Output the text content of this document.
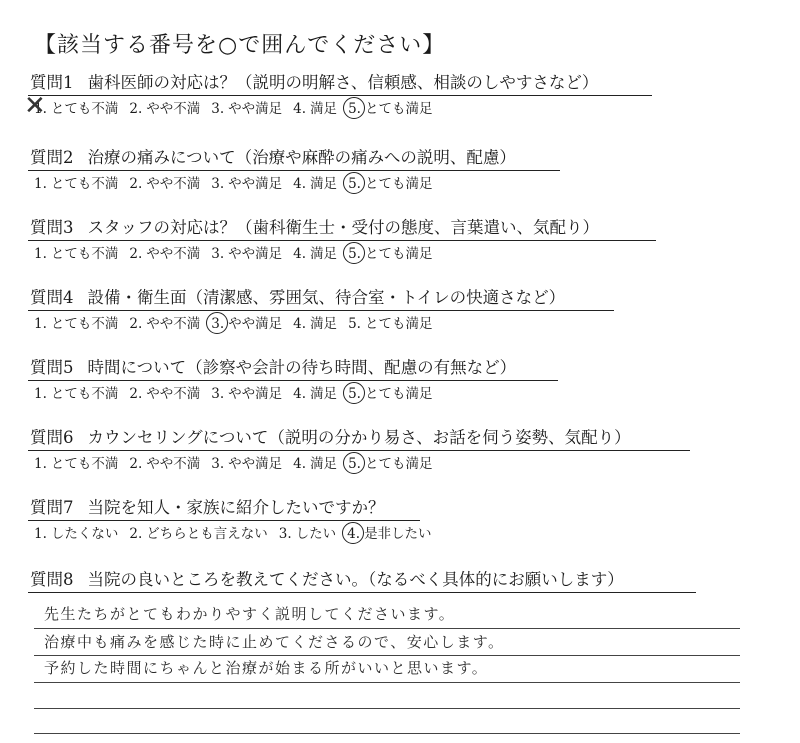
【該当する番号を○で囲んでください】
質問1 歯科医師の対応は？（説明の明解さ、信頼感、相談のしやすさなど）
1. ✕ とても不満 2. やや不満 3. やや満足 4. 満足 5. とても満足
質問2 治療の痛みについて（治療や麻酔の痛みへの説明、配慮）
1. とても不満 2. やや不満 3. やや満足 4. 満足 5. とても満足
質問3 スタッフの対応は？（歯科衛生士・受付の態度、言葉遣い、気配り）
1. とても不満 2. やや不満 3. やや満足 4. 満足 5. とても満足
質問4 設備・衛生面（清潔感、雰囲気、待合室・トイレの快適さなど）
1. とても不満 2. やや不満 3. やや満足 4. 満足 5. とても満足
質問5 時間について（診察や会計の待ち時間、配慮の有無など）
1. とても不満 2. やや不満 3. やや満足 4. 満足 5. とても満足
質問6 カウンセリングについて（説明の分かり易さ、お話を伺う姿勢、気配り）
1. とても不満 2. やや不満 3. やや満足 4. 満足 5. とても満足
質問7 当院を知人・家族に紹介したいですか？
1. したくない 2. どちらとも言えない 3. したい 4. 是非したい
質問8 当院の良いところを教えてください。（なるべく具体的にお願いします）
先生たちがとてもわかりやすく説明してくださいます。
治療中も痛みを感じた時に止めてくださるので、安心します。
予約した時間にちゃんと治療が始まる所がいいと思います。
